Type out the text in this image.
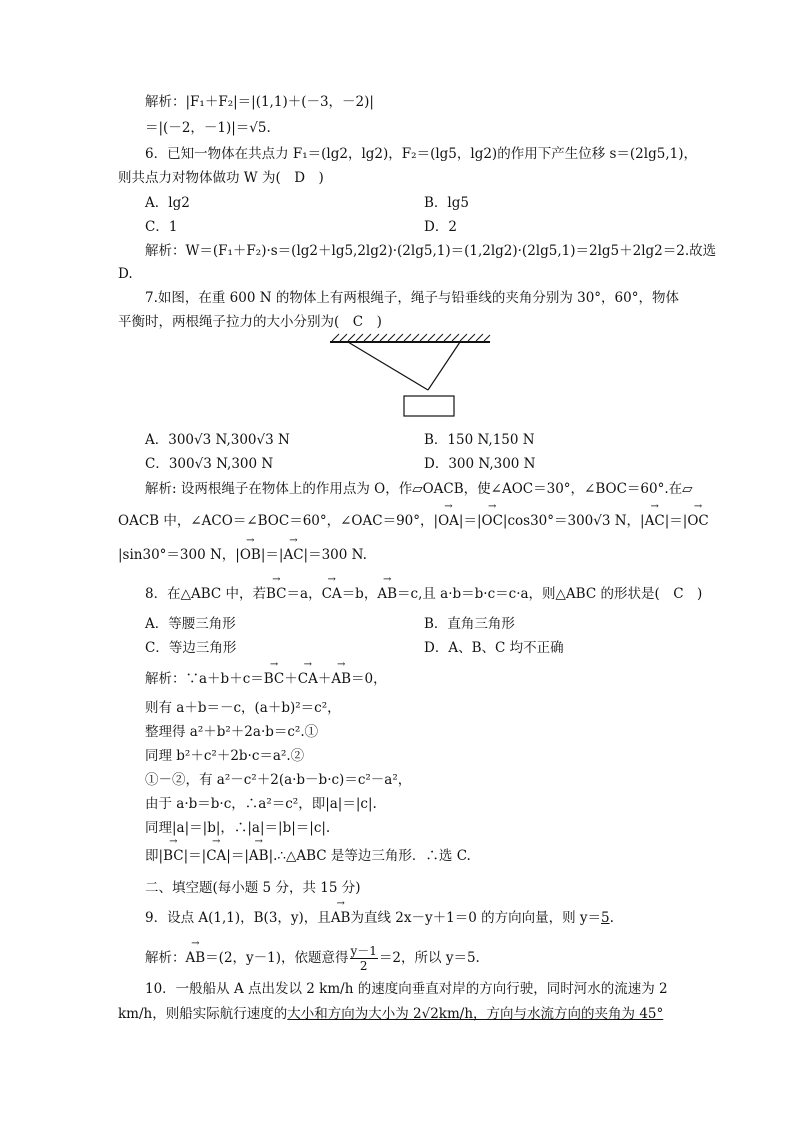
解析：|F₁＋F₂|＝|(1,1)＋(－3，－2)|
＝|(－2，－1)|＝√5.
6．已知一物体在共点力 F₁＝(lg2，lg2)，F₂＝(lg5，lg2)的作用下产生位移 s＝(2lg5,1)，
则共点力对物体做功 W 为(　D　)
A．lg2	B．lg5
C．1	D．2
解析：W＝(F₁＋F₂)·s＝(lg2＋lg5,2lg2)·(2lg5,1)＝(1,2lg2)·(2lg5,1)＝2lg5＋2lg2＝2.故选
D.
7.如图，在重 600 N 的物体上有两根绳子，绳子与铅垂线的夹角分别为 30°，60°，物体
平衡时，两根绳子拉力的大小分别为(　C　)
A．300√3 N,300√3 N	B．150 N,150 N
C．300√3 N,300 N	D．300 N,300 N
解析: 设两根绳子在物体上的作用点为 O，作▱OACB，使∠AOC＝30°，∠BOC＝60°.在▱
OACB 中，∠ACO＝∠BOC＝60°，∠OAC＝90°，|→ OA|＝|→ OC|cos30°＝300√3 N，|→ AC|＝|→ OC
|sin30°＝300 N，|→ OB|＝|→ AC|＝300 N.
8．在△ABC 中，若→ BC＝a，→ CA＝b，→ AB＝c,且 a·b＝b·c＝c·a，则△ABC 的形状是(　C　)
A．等腰三角形	B．直角三角形
C．等边三角形	D．A、B、C 均不正确
解析：∵a＋b＋c＝→ BC＋→ CA＋→ AB＝0，
则有 a＋b＝－c，(a＋b)²＝c²，
整理得 a²＋b²＋2a·b＝c².①
同理 b²＋c²＋2b·c＝a².②
①－②，有 a²－c²＋2(a·b－b·c)＝c²－a²，
由于 a·b＝b·c，∴a²＝c²，即|a|＝|c|.
同理|a|＝|b|，∴|a|＝|b|＝|c|.
即|→ BC|＝|→ CA|＝|→ AB|.∴△ABC 是等边三角形．∴选 C.
二、填空题(每小题 5 分，共 15 分)
9．设点 A(1,1)，B(3，y)，且→ AB为直线 2x－y＋1＝0 的方向向量，则 y＝5.
解析：→ AB＝(2，y－1)，依题意得 $\frac{y-1}{2} =2$，所以 y＝5.
10．一般船从 A 点出发以 2 km/h 的速度向垂直对岸的方向行驶，同时河水的流速为 2
km/h，则船实际航行速度的大小和方向为大小为 2√2km/h，方向与水流方向的夹角为 45°
